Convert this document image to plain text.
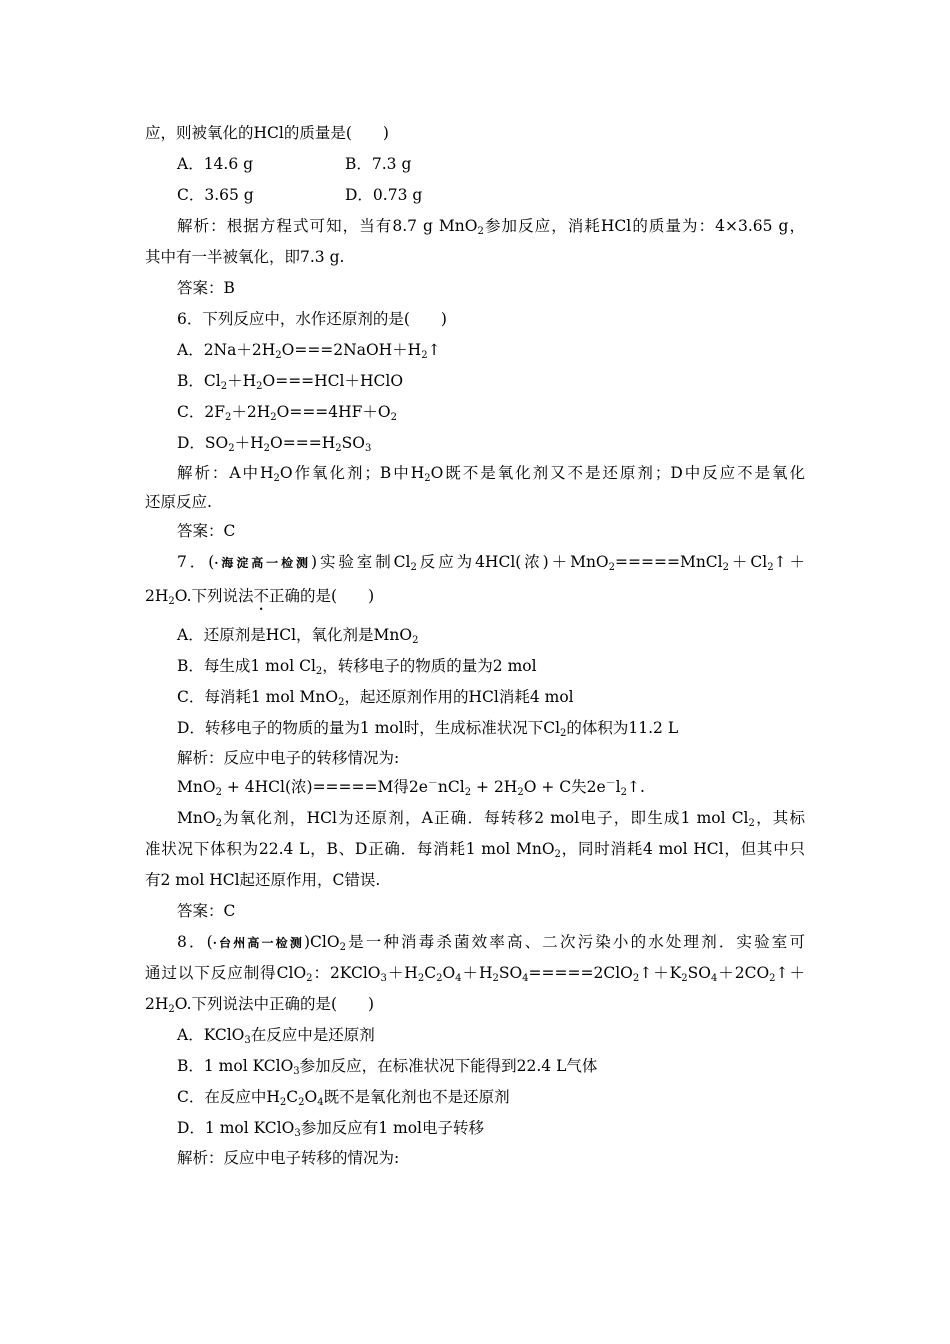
应，则被氧化的HCl的质量是(　　)
A．14.6 g	B．7.3 g
C．3.65 g	D．0.73 g
解析：根据方程式可知，当有8.7 g MnO$_2$参加反应，消耗HCl的质量为：4×3.65 g，
其中有一半被氧化，即7.3 g.
答案：B
6．下列反应中，水作还原剂的是(　　)
A．$2Na+2H_2O===2NaOH+H_2↑$
B．$Cl_2+H_2O===HCl+HClO$
C．$2F_2+2H_2O===4HF+O_2$
D．$SO_2+H_2O===H_2SO_3$
解析：A中$H_2O$作氧化剂；B中$H_2O$既不是氧化剂又不是还原剂；D中反应不是氧化
还原反应.
答案：C
7．(·海淀高一检测)实验室制$Cl_2$反应为4HCl(浓)$+MnO_2=====MnCl_2+Cl_2↑+$
$2H_2O$.下列说法不正确的是(　　)
A．还原剂是HCl，氧化剂是MnO$_2$
B．每生成1 mol $Cl_2$，转移电子的物质的量为2 mol
C．每消耗1 mol MnO$_2$，起还原剂作用的HCl消耗4 mol
D．转移电子的物质的量为1 mol时，生成标准状况下$Cl_2$的体积为11.2 L
解析：反应中电子的转移情况为:
MnO$_2$ + 4HCl(浓)=====M得$2e^-nCl_2 + 2H_2O + C$失$2e^-l_2↑$.
MnO$_2$为氧化剂，HCl为还原剂，A正确．每转移2 mol电子，即生成1 mol $Cl_2$，其标
准状况下体积为22.4 L，B、D正确．每消耗1 mol MnO$_2$，同时消耗4 mol HCl，但其中只
有2 mol HCl起还原作用，C错误.
答案：C
8．(·台州高一检测)ClO$_2$是一种消毒杀菌效率高、二次污染小的水处理剂．实验室可
通过以下反应制得ClO$_2$：$2KClO_3+H_2C_2O_4+H_2SO_4=====2ClO_2↑+K_2SO_4+2CO_2↑+$
$2H_2O$.下列说法中正确的是(　　)
A．KClO$_3$在反应中是还原剂
B．1 mol KClO$_3$参加反应，在标准状况下能得到22.4 L气体
C．在反应中$H_2C_2O_4$既不是氧化剂也不是还原剂
D．1 mol KClO$_3$参加反应有1 mol电子转移
解析：反应中电子转移的情况为:
